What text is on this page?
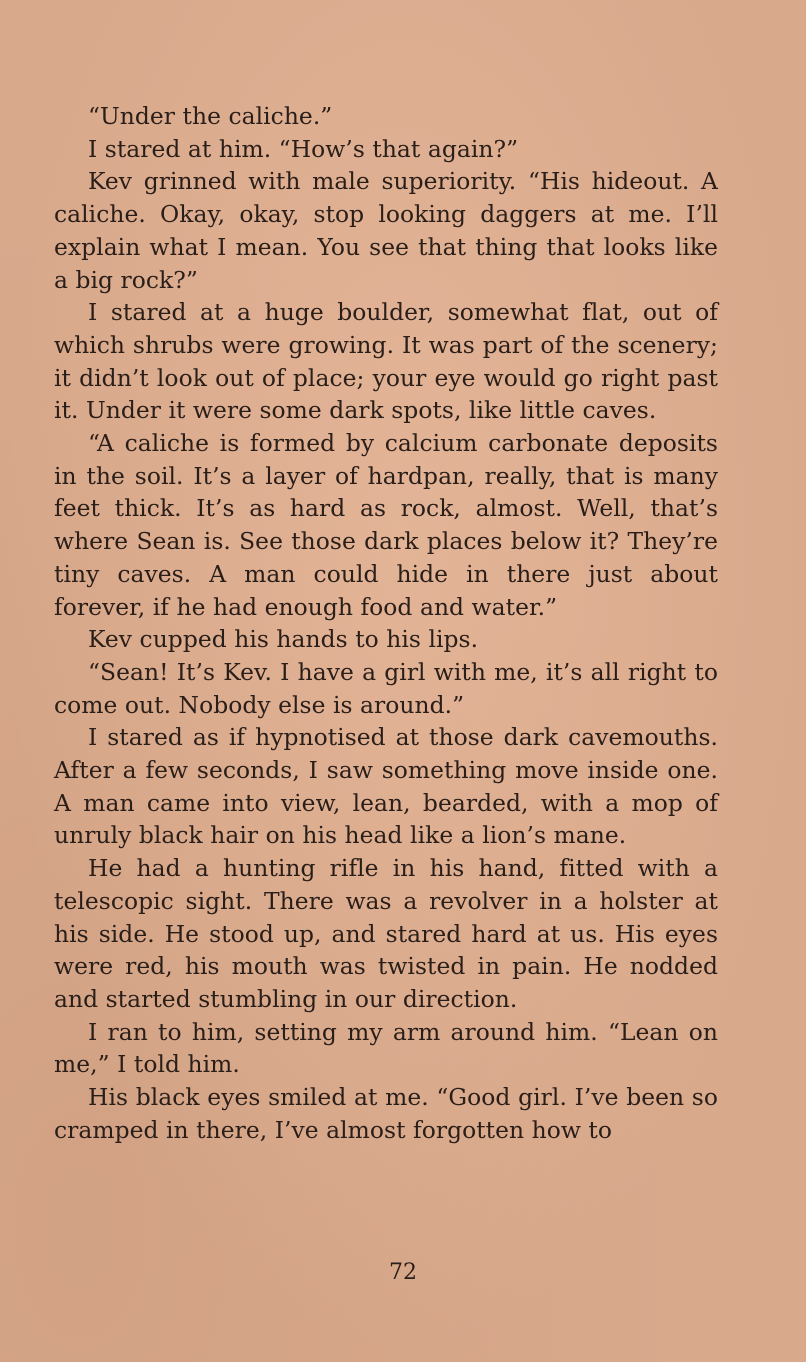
“Under the caliche.”

I stared at him. “How’s that again?”

Kev grinned with male superiority. “His hideout. A caliche. Okay, okay, stop looking daggers at me. I’ll explain what I mean. You see that thing that looks like a big rock?”

I stared at a huge boulder, somewhat flat, out of which shrubs were growing. It was part of the scenery; it didn’t look out of place; your eye would go right past it. Under it were some dark spots, like little caves.

“A caliche is formed by calcium carbonate deposits in the soil. It’s a layer of hardpan, really, that is many feet thick. It’s as hard as rock, almost. Well, that’s where Sean is. See those dark places below it? They’re tiny caves. A man could hide in there just about forever, if he had enough food and water.”

Kev cupped his hands to his lips.

“Sean! It’s Kev. I have a girl with me, it’s all right to come out. Nobody else is around.”

I stared as if hypnotised at those dark cavemouths. After a few seconds, I saw something move inside one. A man came into view, lean, bearded, with a mop of unruly black hair on his head like a lion’s mane.

He had a hunting rifle in his hand, fitted with a telescopic sight. There was a revolver in a holster at his side. He stood up, and stared hard at us. His eyes were red, his mouth was twisted in pain. He nodded and started stumbling in our direction.

I ran to him, setting my arm around him. “Lean on me,” I told him.

His black eyes smiled at me. “Good girl. I’ve been so cramped in there, I’ve almost forgotten how to

72
